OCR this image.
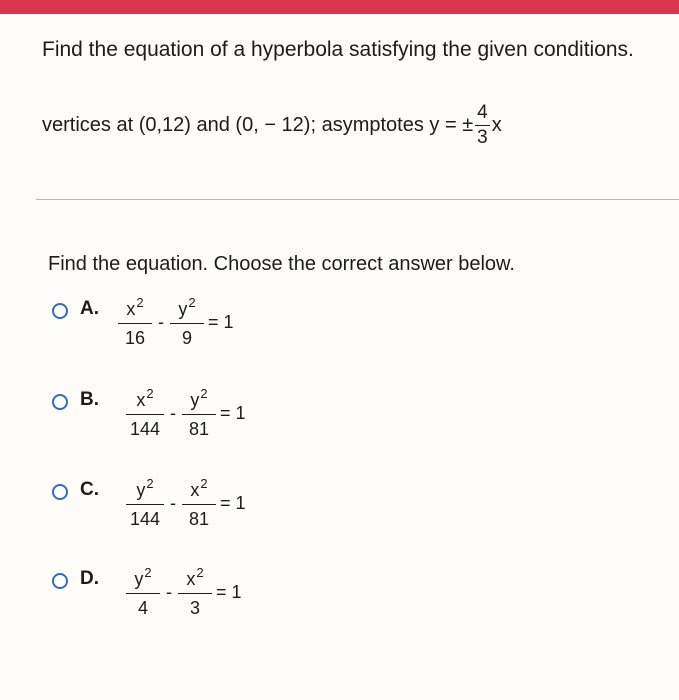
Find the equation of a hyperbola satisfying the given conditions.
vertices at (0,12) and (0, − 12); asymptotes y = ± $\frac{4}{3}$ x
Find the equation. Choose the correct answer below.
A.	$x^2$
16
- $\frac{y^2}{9} = 1$
B.	$x^2$
144
- $\frac{y^2}{81} = 1$
C.	$y^2$
144
- $\frac{x^2}{81} = 1$
D.	$y^2$
4
- $\frac{x^2}{3} = 1$
